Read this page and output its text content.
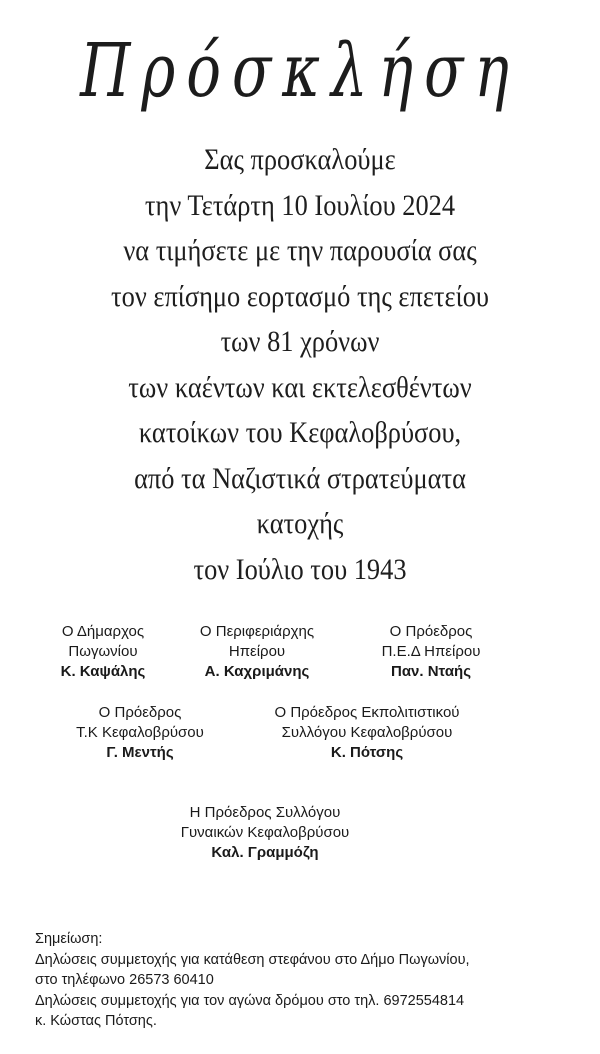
Πρόσκλήση
Σας προσκαλούμε
την Τετάρτη 10 Ιουλίου 2024
να τιμήσετε με την παρουσία σας
τον επίσημο εορτασμό της επετείου
των 81 χρόνων
των καέντων και εκτελεσθέντων
κατοίκων του Κεφαλοβρύσου,
από τα Ναζιστικά στρατεύματα
κατοχής
τον Ιούλιο του 1943
Ο Δήμαρχος
Πωγωνίου
Κ. Καψάλης
Ο Περιφεριάρχης
Ηπείρου
Α. Καχριμάνης
Ο Πρόεδρος
Π.Ε.Δ Ηπείρου
Παν. Νταής
Ο Πρόεδρος
Τ.Κ Κεφαλοβρύσου
Γ. Μεντής
Ο Πρόεδρος Εκπολιτιστικού
Συλλόγου Κεφαλοβρύσου
Κ. Πότσης
Η Πρόεδρος Συλλόγου
Γυναικών Κεφαλοβρύσου
Καλ. Γραμμόζη
Σημείωση:
Δηλώσεις συμμετοχής για κατάθεση στεφάνου στο Δήμο Πωγωνίου,
στο τηλέφωνο 26573 60410
Δηλώσεις συμμετοχής για τον αγώνα δρόμου στο τηλ. 6972554814
κ. Κώστας Πότσης.
